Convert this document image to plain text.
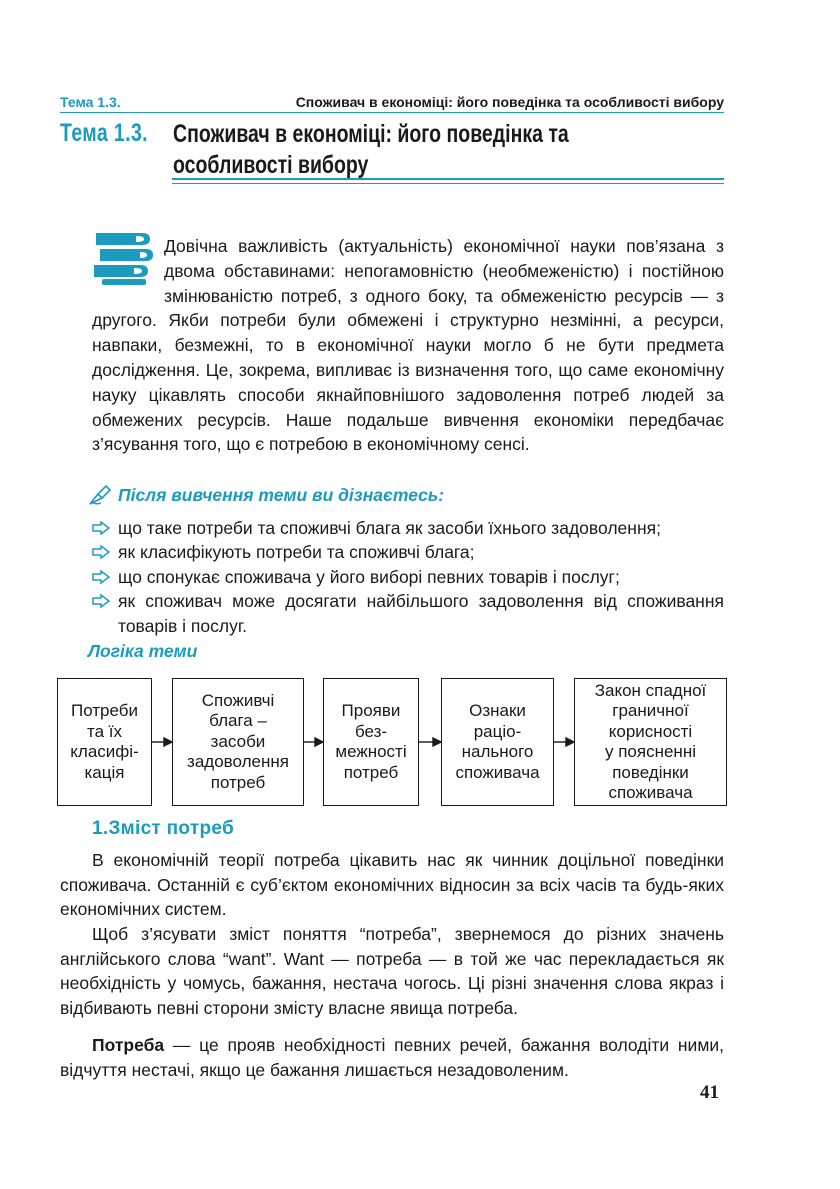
Тема 1.3.	Споживач в економіці: його поведінка та особливості вибору
Тема 1.3. Споживач в економіці: його поведінка та особливості вибору
Довічна важливість (актуальність) економічної науки пов’язана з двома обставинами: непогамовністю (необмеженістю) і постійною змінюваністю потреб, з одного боку, та обмеженістю ресурсів — з другого. Якби потреби були обмежені і структурно незмінні, а ресурси, навпаки, безмежні, то в економічної науки могло б не бути предмета дослідження. Це, зокрема, випливає із визначення того, що саме економічну науку цікавлять способи якнайповнішого задоволення потреб людей за обмежених ресурсів. Наше подальше вивчення економіки передбачає з’ясування того, що є потребою в економічному сенсі.
Після вивчення теми ви дізнаєтесь:
що таке потреби та споживчі блага як засоби їхнього задоволення;
як класифікують потреби та споживчі блага;
що спонукає споживача у його виборі певних товарів і послуг;
як споживач може досягати найбільшого задоволення від споживання товарів і послуг.
Логіка теми
Потреби
та їх
класифі-
кація
Споживчі
блага –
засоби
задоволення
потреб
Прояви
без-
межності
потреб
Ознаки
раціо-
нального
споживача
Закон спадної
граничної
корисності
у поясненні
поведінки
споживача
1.Зміст потреб

В економічній теорії потреба цікавить нас як чинник доцільної поведінки споживача. Останній є суб’єктом економічних відносин за всіх часів та будь-яких економічних систем.

Щоб з’ясувати зміст поняття “потреба”, звернемося до різних значень англійського слова “want”. Want — потреба — в той же час перекладається як необхідність у чомусь, бажання, нестача чогось. Ці різні значення слова якраз і відбивають певні сторони змісту власне явища потреба.

Потреба — це прояв необхідності певних речей, бажання володіти ними, відчуття нестачі, якщо це бажання лишається незадоволеним.

41
